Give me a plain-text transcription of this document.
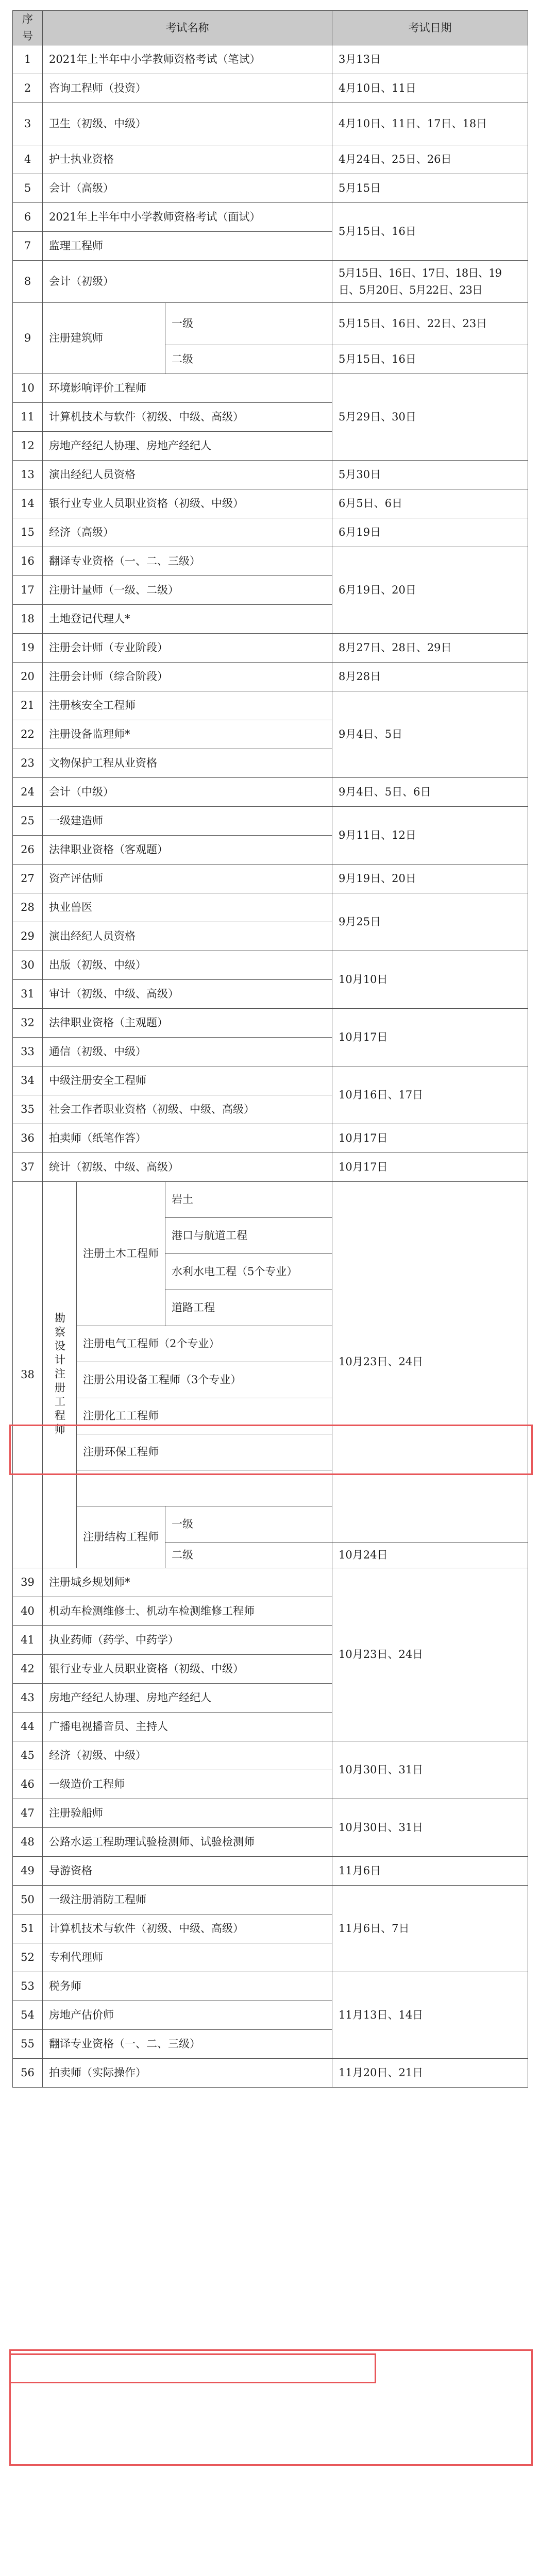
序号	考试名称			考试日期
1	2021年上半年中小学教师资格考试（笔试）			3月13日
2	咨询工程师（投资）			4月10日、11日
3	卫生（初级、中级）			4月10日、11日、17日、18日
4	护士执业资格			4月24日、25日、26日
5	会计（高级）			5月15日
6	2021年上半年中小学教师资格考试（面试）			5月15日、16日
7	监理工程师			
8	会计（初级）			5月15日、16日、17日、18日、19日、5月20日、5月22日、23日
9	注册建筑师		一级	5月15日、16日、22日、23日
			二级	5月15日、16日
10	环境影响评价工程师			5月29日、30日
11	计算机技术与软件（初级、中级、高级）			
12	房地产经纪人协理、房地产经纪人			
13	演出经纪人员资格			5月30日
14	银行业专业人员职业资格（初级、中级）			6月5日、6日
15	经济（高级）			6月19日
16	翻译专业资格（一、二、三级）			6月19日、20日
17	注册计量师（一级、二级）			
18	土地登记代理人*			
19	注册会计师（专业阶段）			8月27日、28日、29日
20	注册会计师（综合阶段）			8月28日
21	注册核安全工程师			9月4日、5日
22	注册设备监理师*			
23	文物保护工程从业资格			
24	会计（中级）			9月4日、5日、6日
25	一级建造师			9月11日、12日
26	法律职业资格（客观题）			
27	资产评估师			9月19日、20日
28	执业兽医			9月25日
29	演出经纪人员资格			
30	出版（初级、中级）			10月10日
31	审计（初级、中级、高级）			
32	法律职业资格（主观题）			10月17日
33	通信（初级、中级）			
34	中级注册安全工程师			10月16日、17日
35	社会工作者职业资格（初级、中级、高级）			
36	拍卖师（纸笔作答）			10月17日
37	统计（初级、中级、高级）			10月17日
38	勘察设计注册工程师	注册土木工程师	岩土	10月23日、24日
			港口与航道工程	
			水利水电工程（5个专业）	
			道路工程	
		注册电气工程师（2个专业）		
		注册公用设备工程师（3个专业）		
		注册化工工程师		
		注册环保工程师		

		注册结构工程师	一级	
			二级	10月24日
39	注册城乡规划师*			10月23日、24日
40	机动车检测维修士、机动车检测维修工程师			
41	执业药师（药学、中药学）			
42	银行业专业人员职业资格（初级、中级）			
43	房地产经纪人协理、房地产经纪人			
44	广播电视播音员、主持人			
45	经济（初级、中级）			10月30日、31日
46	一级造价工程师			
47	注册验船师			10月30日、31日
48	公路水运工程助理试验检测师、试验检测师			
49	导游资格			11月6日
50	一级注册消防工程师			11月6日、7日
51	计算机技术与软件（初级、中级、高级）			
52	专利代理师			
53	税务师			11月13日、14日
54	房地产估价师			
55	翻译专业资格（一、二、三级）			
56	拍卖师（实际操作）			11月20日、21日
